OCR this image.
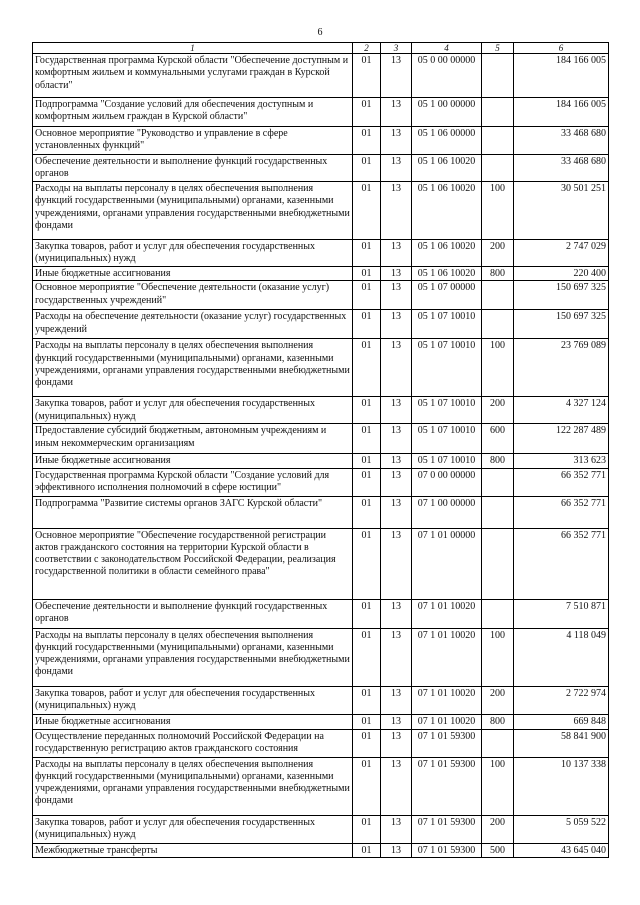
6
1	2	3	4	5	6
Государственная программа Курской области "Обеспечение доступным и комфортным жильем и коммунальными услугами граждан в Курской области"	01	13	05 0 00 00000		184 166 005
Подпрограмма "Создание условий для обеспечения доступным и комфортным жильем граждан в Курской области"	01	13	05 1 00 00000		184 166 005
Основное мероприятие "Руководство и управление в сфере установленных функций"	01	13	05 1 06 00000		33 468 680
Обеспечение деятельности и выполнение функций государственных органов	01	13	05 1 06 10020		33 468 680
Расходы на выплаты персоналу в целях обеспечения выполнения функций государственными (муниципальными) органами, казенными учреждениями, органами управления государственными внебюджетными фондами	01	13	05 1 06 10020	100	30 501 251
Закупка товаров, работ и услуг для обеспечения государственных (муниципальных) нужд	01	13	05 1 06 10020	200	2 747 029
Иные бюджетные ассигнования	01	13	05 1 06 10020	800	220 400
Основное мероприятие "Обеспечение деятельности (оказание услуг) государственных учреждений"	01	13	05 1 07 00000		150 697 325
Расходы на обеспечение деятельности (оказание услуг) государственных учреждений	01	13	05 1 07 10010		150 697 325
Расходы на выплаты персоналу в целях обеспечения выполнения функций государственными (муниципальными) органами, казенными учреждениями, органами управления государственными внебюджетными фондами	01	13	05 1 07 10010	100	23 769 089
Закупка товаров, работ и услуг для обеспечения государственных (муниципальных) нужд	01	13	05 1 07 10010	200	4 327 124
Предоставление субсидий бюджетным, автономным учреждениям и иным некоммерческим организациям	01	13	05 1 07 10010	600	122 287 489
Иные бюджетные ассигнования	01	13	05 1 07 10010	800	313 623
Государственная программа Курской области "Создание условий для эффективного исполнения полномочий в сфере юстиции"	01	13	07 0 00 00000		66 352 771
Подпрограмма "Развитие системы органов ЗАГС Курской области"	01	13	07 1 00 00000		66 352 771
Основное мероприятие "Обеспечение государственной регистрации актов гражданского состояния на территории Курской области в соответствии с законодательством Российской Федерации, реализация государственной политики в области семейного права"	01	13	07 1 01 00000		66 352 771
Обеспечение деятельности и выполнение функций государственных органов	01	13	07 1 01 10020		7 510 871
Расходы на выплаты персоналу в целях обеспечения выполнения функций государственными (муниципальными) органами, казенными учреждениями, органами управления государственными внебюджетными фондами	01	13	07 1 01 10020	100	4 118 049
Закупка товаров, работ и услуг для обеспечения государственных (муниципальных) нужд	01	13	07 1 01 10020	200	2 722 974
Иные бюджетные ассигнования	01	13	07 1 01 10020	800	669 848
Осуществление переданных полномочий Российской Федерации на государственную регистрацию актов гражданского состояния	01	13	07 1 01 59300		58 841 900
Расходы на выплаты персоналу в целях обеспечения выполнения функций государственными (муниципальными) органами, казенными учреждениями, органами управления государственными внебюджетными фондами	01	13	07 1 01 59300	100	10 137 338
Закупка товаров, работ и услуг для обеспечения государственных (муниципальных) нужд	01	13	07 1 01 59300	200	5 059 522
Межбюджетные трансферты	01	13	07 1 01 59300	500	43 645 040
